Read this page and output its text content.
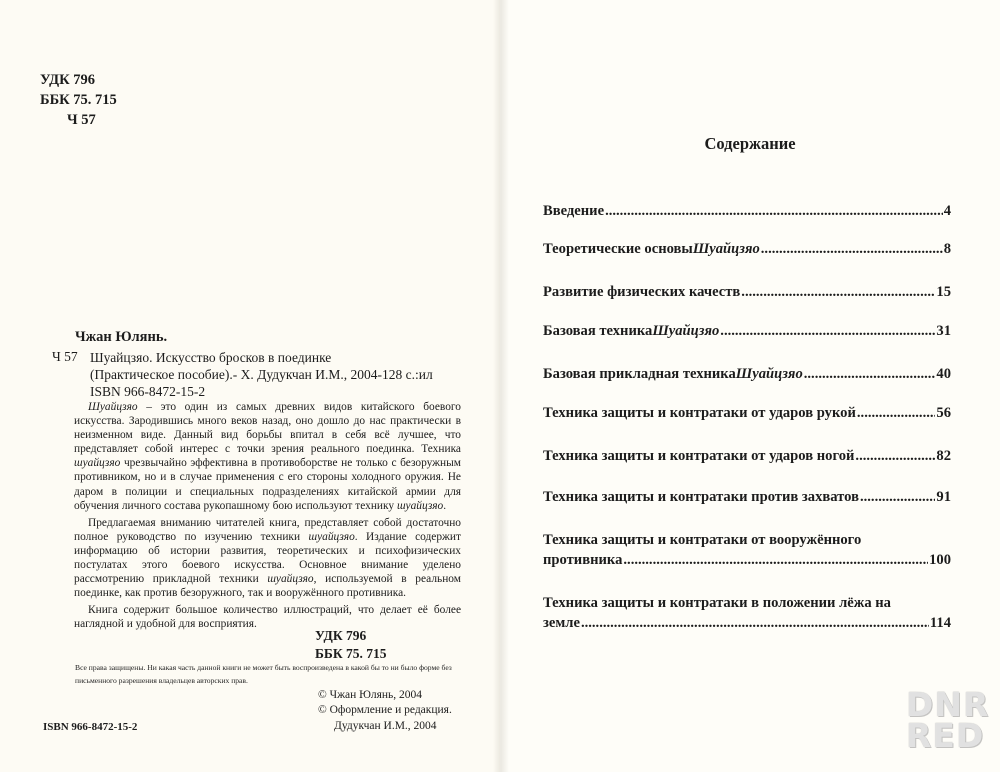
УДК 796
ББК 75. 715
Ч 57
Чжан Юлянь.
Ч 57 Шуайцзяо. Искусство бросков в поединке
(Практическое пособие).- Х. Дудукчан И.М., 2004-128 с.:ил
ISBN 966-8472-15-2

Шуайцзяо – это один из самых древних видов китайского боевого искусства. Зародившись много веков назад, оно дошло до нас практически в неизменном виде. Данный вид борьбы впитал в себя всё лучшее, что представляет собой интерес с точки зрения реального поединка. Техника шуайцзяо чрезвычайно эффективна в противоборстве не только с безоружным противником, но и в случае применения с его стороны холодного оружия. Не даром в полиции и специальных подразделениях китайской армии для обучения личного состава рукопашному бою используют технику шуайцзяо.

Предлагаемая вниманию читателей книга, представляет собой достаточно полное руководство по изучению техники шуайцзяо. Издание содержит информацию об истории развития, теоретических и психофизических постулатах этого боевого искусства. Основное внимание уделено рассмотрению прикладной техники шуайцзяо, используемой в реальном поединке, как против безоружного, так и вооружённого противника.

Книга содержит большое количество иллюстраций, что делает её более наглядной и удобной для восприятия.

УДК 796
ББК 75. 715
Все права защищены. Ни какая часть данной книги не может быть воспроизведена в какой бы то ни было форме без письменного разрешения владельцев авторских прав.
© Чжан Юлянь, 2004
© Оформление и редакция.
Дудукчан И.М., 2004
ISBN 966-8472-15-2
Содержание
Введение .....	4
Теоретические основы Шуайцзяо .....	8
Развитие физических качеств .....	15
Базовая техника Шуайцзяо .....	31
Базовая прикладная техника Шуайцзяо .....	40
Техника защиты и контратаки от ударов рукой .....	56
Техника защиты и контратаки от ударов ногой .....	82
Техника защиты и контратаки против захватов .....	91
Техника защиты и контратаки от вооружённого
противника .....	100
Техника защиты и контратаки в положении лёжа на
земле .....	114
DNR
RED
